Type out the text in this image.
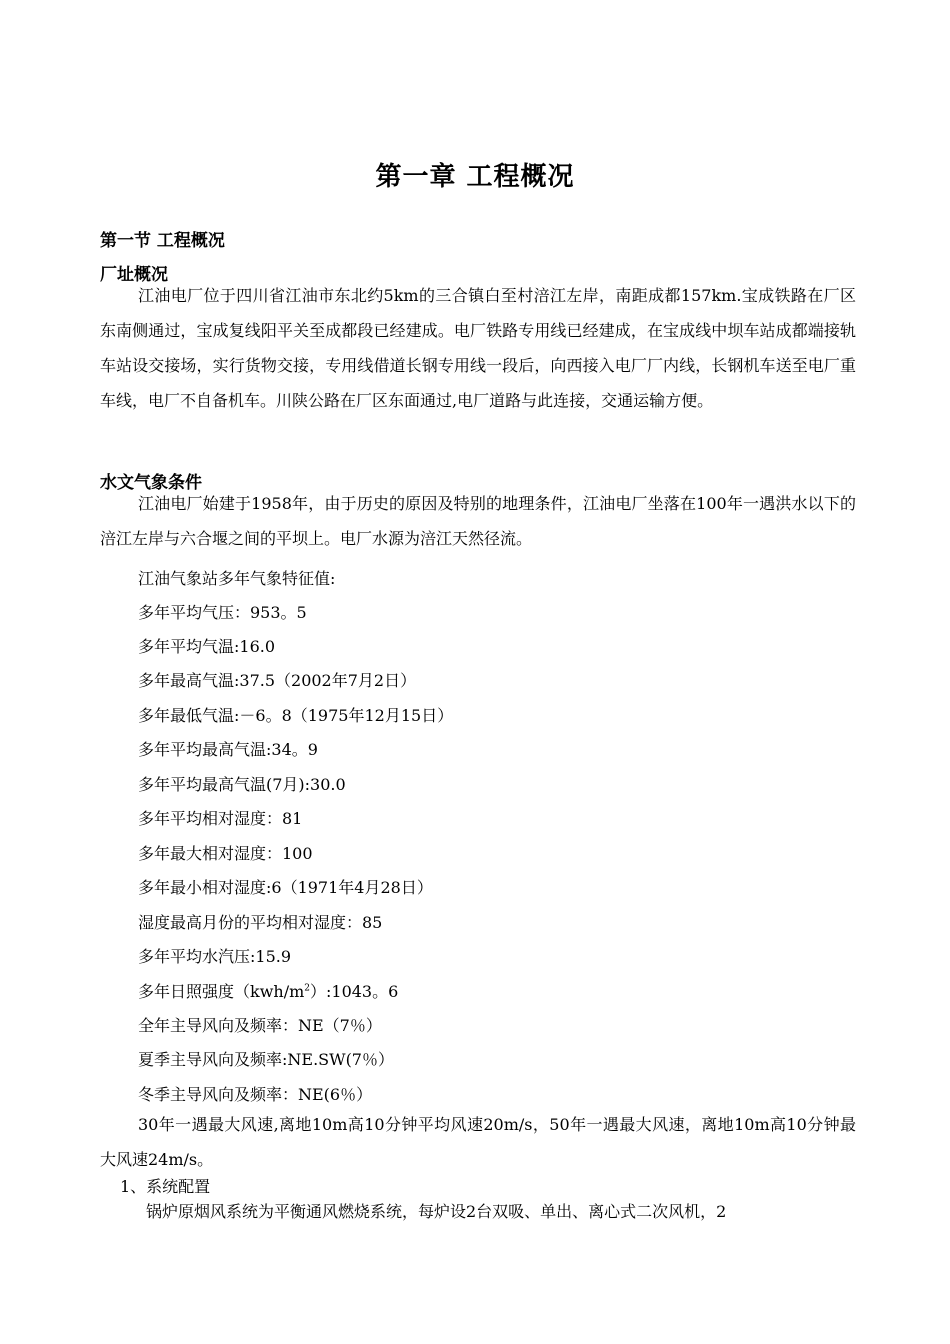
第一章 工程概况
第一节 工程概况
厂址概况
江油电厂位于四川省江油市东北约5km的三合镇白至村涪江左岸，南距成都157km.宝成铁路在厂区东南侧通过，宝成复线阳平关至成都段已经建成。电厂铁路专用线已经建成，在宝成线中坝车站成都端接轨车站设交接场，实行货物交接，专用线借道长钢专用线一段后，向西接入电厂厂内线，长钢机车送至电厂重车线，电厂不自备机车。川陕公路在厂区东面通过,电厂道路与此连接，交通运输方便。
水文气象条件
江油电厂始建于1958年，由于历史的原因及特别的地理条件，江油电厂坐落在100年一遇洪水以下的涪江左岸与六合堰之间的平坝上。电厂水源为涪江天然径流。
江油气象站多年气象特征值:
多年平均气压：953。5
多年平均气温:16.0
多年最高气温:37.5（2002年7月2日）
多年最低气温:－6。8（1975年12月15日）
多年平均最高气温:34。9
多年平均最高气温(7月):30.0
多年平均相对湿度：81
多年最大相对湿度：100
多年最小相对湿度:6（1971年4月28日）
湿度最高月份的平均相对湿度：85
多年平均水汽压:15.9
多年日照强度$(kwh/m^2):1043$。6
全年主导风向及频率：NE（7％）
夏季主导风向及频率:NE.SW(7％）
冬季主导风向及频率：NE(6％）
30年一遇最大风速,离地10m高10分钟平均风速20m/s，50年一遇最大风速，离地10m高10分钟最大风速24m/s。
1、系统配置
锅炉原烟风系统为平衡通风燃烧系统，每炉设2台双吸、单出、离心式二次风机，2
